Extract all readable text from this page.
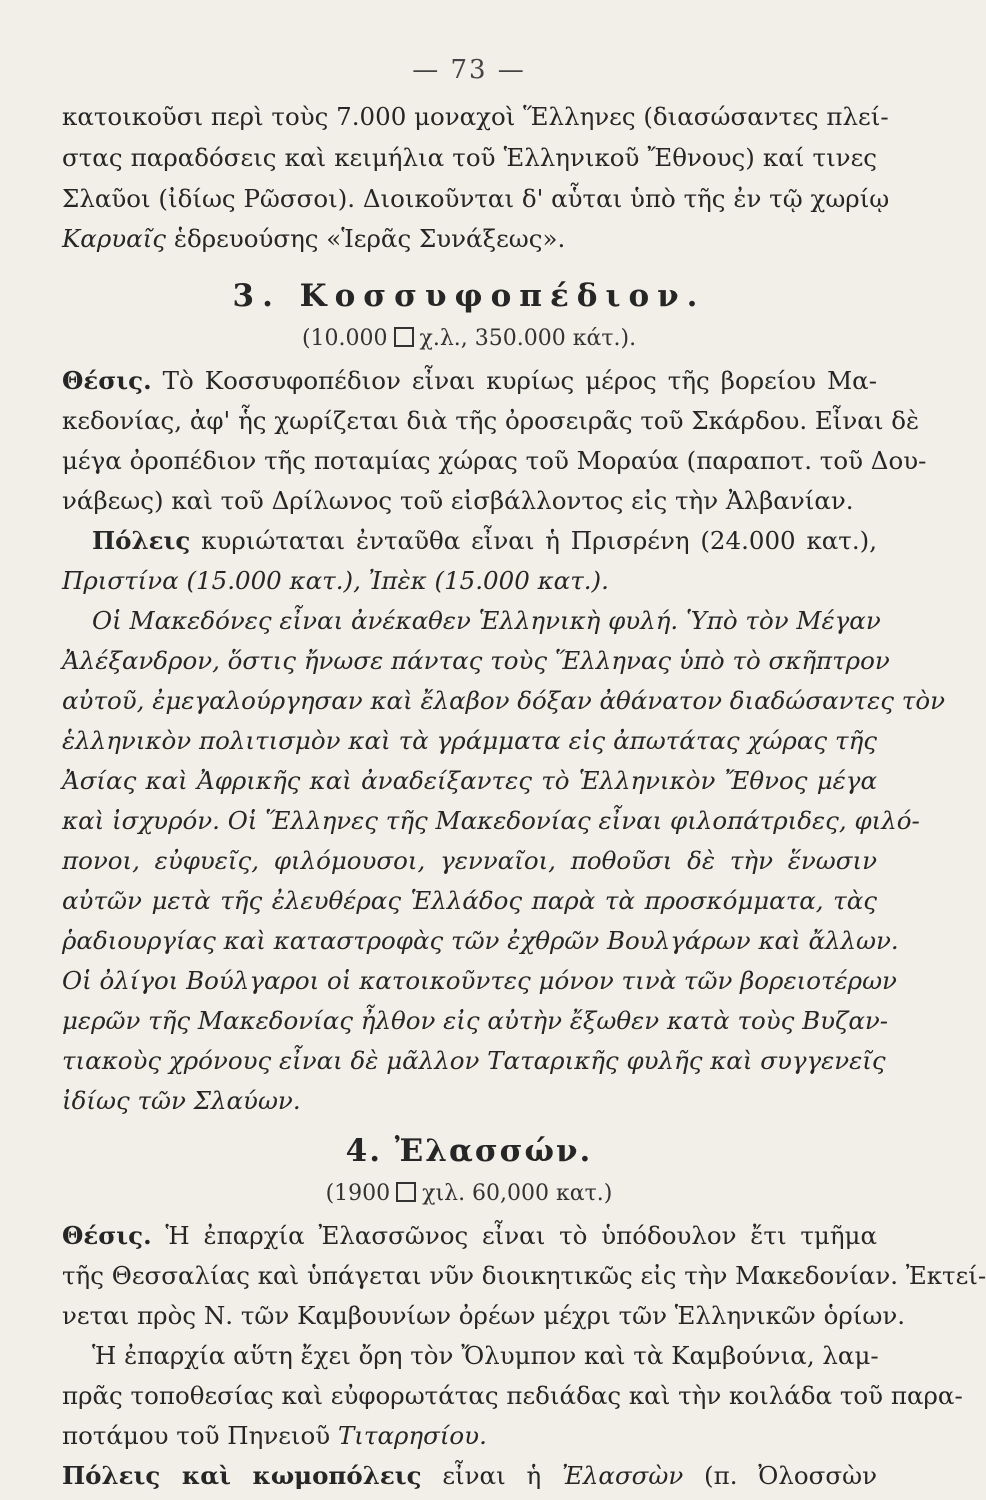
— 73 —
κατοικοῦσι περὶ τοὺς 7.000 μοναχοὶ Ἕλληνες (διασώσαντες πλεί-
στας παραδόσεις καὶ κειμήλια τοῦ Ἑλληνικοῦ Ἔθνους) καί τινες
Σλαῦοι (ἰδίως Ρῶσσοι). Διοικοῦνται δ' αὗται ὑπὸ τῆς ἐν τῷ χωρίῳ
Καρυαῖς ἑδρευούσης «Ἱερᾶς Συνάξεως».
3. Κοσσυφοπέδιον.
(10.000 χ.λ., 350.000 κάτ.).
Θέσις. Τὸ Κοσσυφοπέδιον εἶναι κυρίως μέρος τῆς βορείου Μα-
κεδονίας, ἀφ' ἧς χωρίζεται διὰ τῆς ὀροσειρᾶς τοῦ Σκάρδου. Εἶναι δὲ
μέγα ὀροπέδιον τῆς ποταμίας χώρας τοῦ Μοραύα (παραποτ. τοῦ Δου-
νάβεως) καὶ τοῦ Δρίλωνος τοῦ εἰσβάλλοντος εἰς τὴν Ἀλβανίαν.
Πόλεις κυριώταται ἐνταῦθα εἶναι ἡ Πρισρένη (24.000 κατ.),
Πριστίνα (15.000 κατ.), Ἰπὲκ (15.000 κατ.).
Οἱ Μακεδόνες εἶναι ἀνέκαθεν Ἑλληνικὴ φυλή. Ὑπὸ τὸν Μέγαν
Ἀλέξανδρον, ὅστις ἤνωσε πάντας τοὺς Ἕλληνας ὑπὸ τὸ σκῆπτρον
αὐτοῦ, ἐμεγαλούργησαν καὶ ἔλαβον δόξαν ἀθάνατον διαδώσαντες τὸν
ἑλληνικὸν πολιτισμὸν καὶ τὰ γράμματα εἰς ἀπωτάτας χώρας τῆς
Ἀσίας καὶ Ἀφρικῆς καὶ ἀναδείξαντες τὸ Ἑλληνικὸν Ἔθνος μέγα
καὶ ἰσχυρόν. Οἱ Ἕλληνες τῆς Μακεδονίας εἶναι φιλοπάτριδες, φιλό-
πονοι, εὐφυεῖς, φιλόμουσοι, γενναῖοι, ποθοῦσι δὲ τὴν ἕνωσιν
αὐτῶν μετὰ τῆς ἐλευθέρας Ἑλλάδος παρὰ τὰ προσκόμματα, τὰς
ῥαδιουργίας καὶ καταστροφὰς τῶν ἐχθρῶν Βουλγάρων καὶ ἄλλων.
Οἱ ὀλίγοι Βούλγαροι οἱ κατοικοῦντες μόνον τινὰ τῶν βορειοτέρων
μερῶν τῆς Μακεδονίας ἦλθον εἰς αὐτὴν ἔξωθεν κατὰ τοὺς Βυζαν-
τιακοὺς χρόνους εἶναι δὲ μᾶλλον Ταταρικῆς φυλῆς καὶ συγγενεῖς
ἰδίως τῶν Σλαύων.
4. Ἐλασσών.
(1900 χιλ. 60,000 κατ.)
Θέσις. Ἡ ἐπαρχία Ἐλασσῶνος εἶναι τὸ ὑπόδουλον ἔτι τμῆμα
τῆς Θεσσαλίας καὶ ὑπάγεται νῦν διοικητικῶς εἰς τὴν Μακεδονίαν. Ἐκτεί-
νεται πρὸς Ν. τῶν Καμβουνίων ὀρέων μέχρι τῶν Ἑλληνικῶν ὁρίων.
Ἡ ἐπαρχία αὕτη ἔχει ὄρη τὸν Ὄλυμπον καὶ τὰ Καμβούνια, λαμ-
πρᾶς τοποθεσίας καὶ εὐφορωτάτας πεδιάδας καὶ τὴν κοιλάδα τοῦ παρα-
ποτάμου τοῦ Πηνειοῦ Τιταρησίου.
Πόλεις καὶ κωμοπόλεις εἶναι ἡ Ἐλασσὼν (π. Ὀλοσσὼν
